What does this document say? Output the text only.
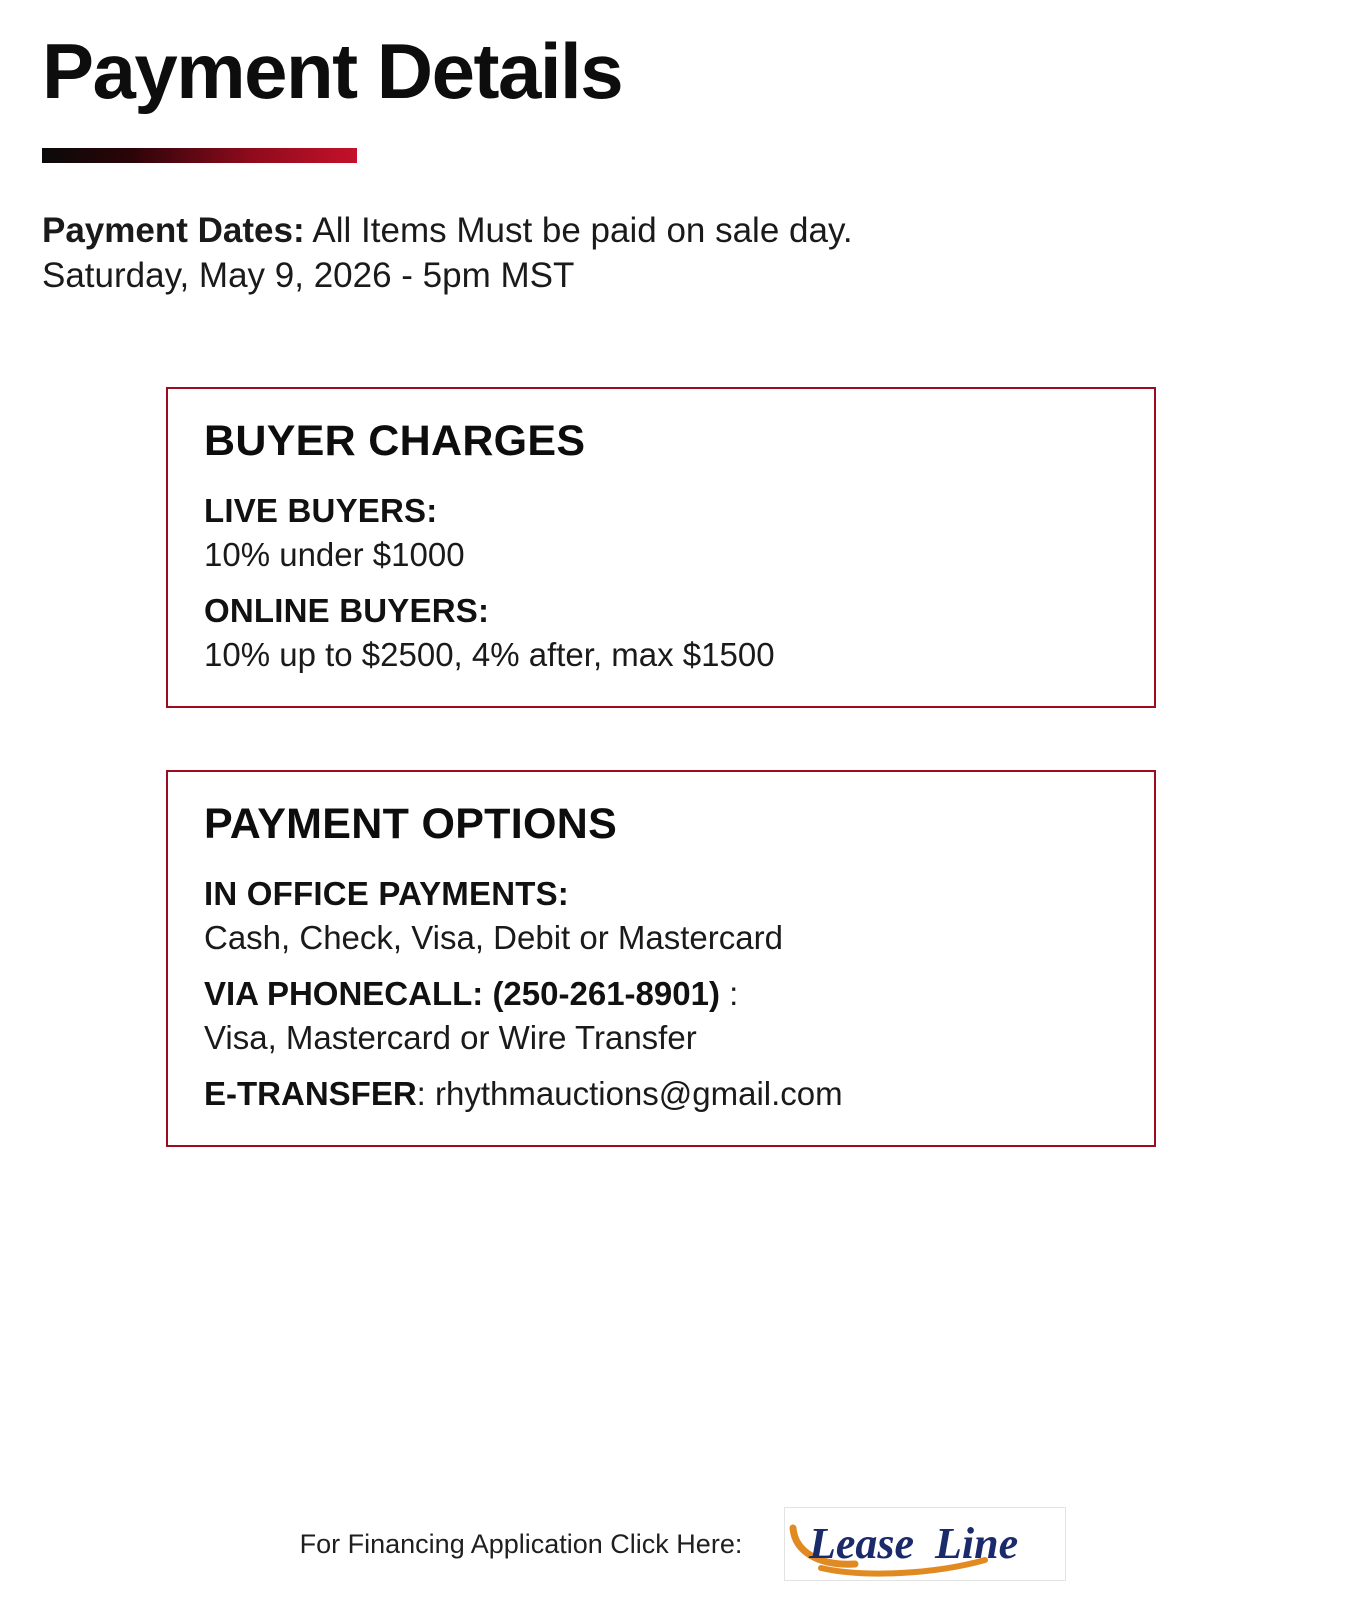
Payment Details
Payment Dates: All Items Must be paid on sale day.
Saturday, May 9, 2026 - 5pm MST
BUYER CHARGES
LIVE BUYERS:
10% under $1000
ONLINE BUYERS:
10% up to $2500, 4% after, max $1500
PAYMENT OPTIONS
IN OFFICE PAYMENTS:
Cash, Check, Visa, Debit or Mastercard
VIA PHONECALL: (250-261-8901) :
Visa, Mastercard or Wire Transfer
E-TRANSFER: rhythmauctions@gmail.com
For Financing Application Click Here: Lease Line
